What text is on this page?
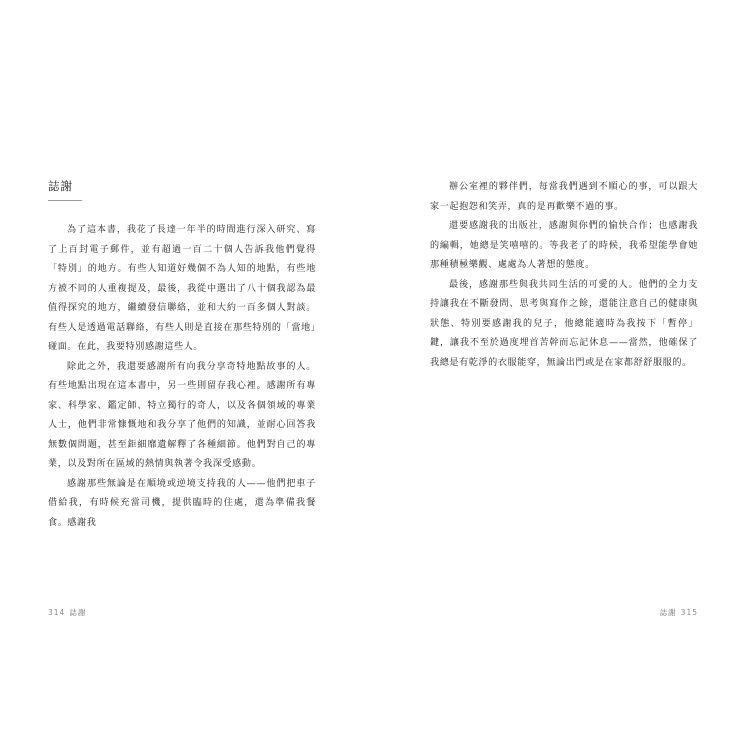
誌謝

為了這本書，我花了長達一年半的時間進行深入研究、寫了上百封電子郵件，並有超過一百二十個人告訴我他們覺得「特別」的地方。有些人知道好幾個不為人知的地點，有些地方被不同的人重複提及，最後，我從中選出了八十個我認為最值得探究的地方，繼續發信聯絡，並和大約一百多個人對談。有些人是透過電話聯絡，有些人則是直接在那些特別的「當地」碰面。在此，我要特別感謝這些人。

除此之外，我還要感謝所有向我分享奇特地點故事的人。有些地點出現在這本書中，另一些則留存我心裡。感謝所有專家、科學家、鑑定師、特立獨行的奇人，以及各個領域的專業人士，他們非常慷慨地和我分享了他們的知識，並耐心回答我無數個問題，甚至鉅細靡遺解釋了各種細節。他們對自己的專業，以及對所在區域的熱情與執著令我深受感動。

感謝那些無論是在順境或逆境支持我的人——他們把車子借給我，有時候充當司機，提供臨時的住處，還為準備我餐食。感謝我

314 誌謝

辦公室裡的夥伴們，每當我們遇到不順心的事，可以跟大家一起抱怨和笑弄，真的是再歡樂不過的事。

還要感謝我的出版社，感謝與你們的愉快合作；也感謝我的編輯，她總是笑嘻嘻的。等我老了的時候，我希望能學會她那種積極樂觀、處處為人著想的態度。

最後，感謝那些與我共同生活的可愛的人。他們的全力支持讓我在不斷發問、思考與寫作之餘，還能注意自己的健康與狀態、特別要感謝我的兒子，他總能適時為我按下「暫停」鍵，讓我不至於過度埋首苦幹而忘記休息——當然，他確保了我總是有乾淨的衣服能穿，無論出門或是在家都舒舒服服的。

誌謝 315
